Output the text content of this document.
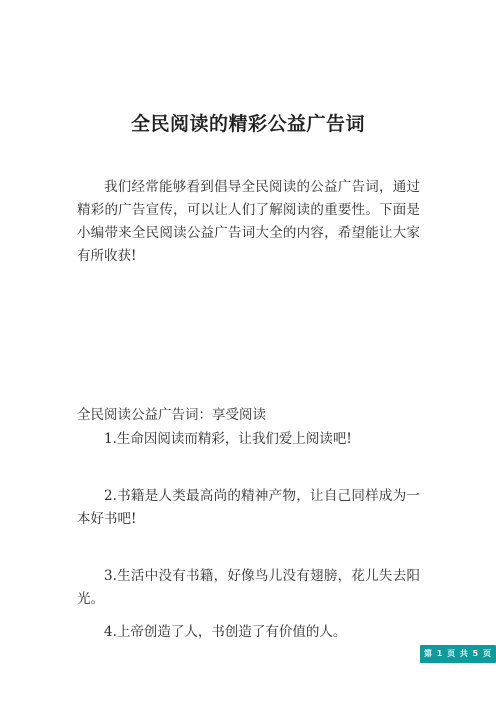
全民阅读的精彩公益广告词

我们经常能够看到倡导全民阅读的公益广告词，通过精彩的广告宣传，可以让人们了解阅读的重要性。下面是小编带来全民阅读公益广告词大全的内容，希望能让大家有所收获!

全民阅读公益广告词：享受阅读

1.生命因阅读而精彩，让我们爱上阅读吧!

2.书籍是人类最高尚的精神产物，让自己同样成为一本好书吧!

3.生活中没有书籍，好像鸟儿没有翅膀，花儿失去阳光。

4.上帝创造了人，书创造了有价值的人。

第 1 页 共 5 页
